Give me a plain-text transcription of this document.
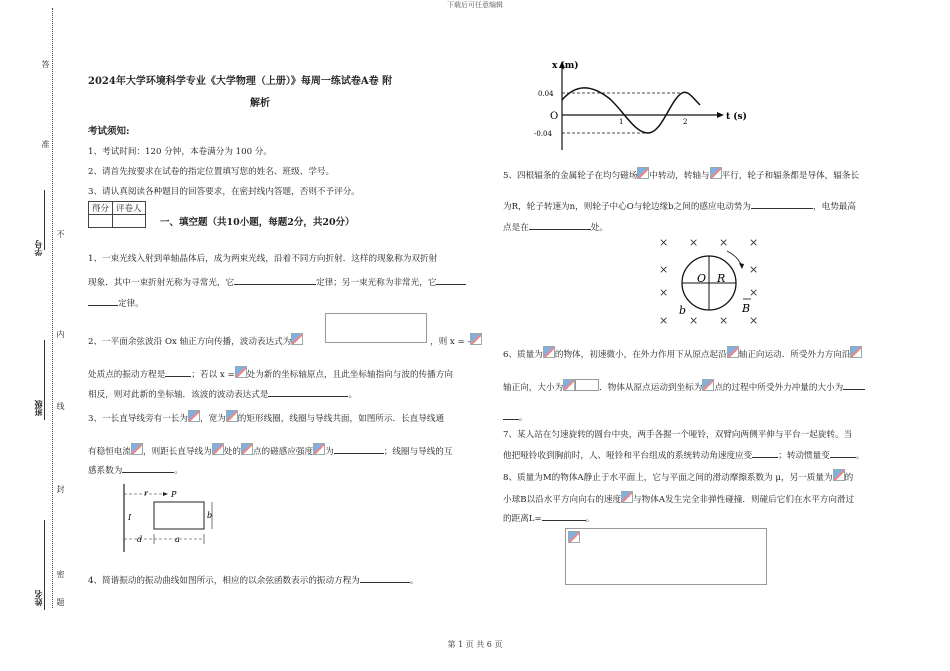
下载后可任意编辑
答
准
不
内
线
封
密
题
学号
班级
姓名
2024年大学环境科学专业《大学物理（上册）》每周一练试卷A卷 附
解析
考试须知:
1、考试时间：120 分钟，本卷满分为 100 分。
2、请首先按要求在试卷的指定位置填写您的姓名、班级、学号。
3、请认真阅读各种题目的回答要求，在密封线内答题，否则不予评分。
得分	评卷人

一、填空题（共10小题，每题2分，共20分）
1、一束光线入射到单轴晶体后，成为两束光线，沿着不同方向折射．这样的现象称为双折射
现象．其中一束折射光称为寻常光，它	定律；另一束光称为非常光，它
定律。
2、一平面余弦波沿 Ox 轴正方向传播，波动表达式为	，则 x = -
处质点的振动方程是	；若以 x = 处为新的坐标轴原点，且此坐标轴指向与波的传播方向
相反，则对此新的坐标轴．该波的波动表达式是	。
3、一长直导线旁有一长为 ，宽为 的矩形线圈，线圈与导线共面，如图所示．长直导线通
有稳恒电流 ，则距长直导线为 处的 点的磁感应强度 为	；线圈与导线的互
感系数为	。
r	P
I	b
d	a
4、简谐振动的振动曲线如图所示，相应的以余弦函数表示的振动方程为	。
x (m)
t (s)
0.04
-0.04
O	1	2
5、四根辐条的金属轮子在均匀磁场 中转动，转轴与 平行，轮子和辐条都是导体，辐条长
为R，轮子转速为n，则轮子中心O与轮边缘b之间的感应电动势为	，电势最高
点是在	处。
× × × ×
×	×
×	×
× × × ×
O R
b	B
6、质量为 的物体，初速微小，在外力作用下从原点起沿 轴正向运动．所受外力方向沿
轴正向，大小为	．物体从原点运动到坐标为 点的过程中所受外力冲量的大小为
。
7、某人站在匀速旋转的圆台中央，两手各握一个哑铃，双臂向两侧平伸与平台一起旋转。当
他把哑铃收到胸前时，人、哑铃和平台组成的系统转动角速度应变	；转动惯量变	。
8、质量为M的物体A静止于水平面上，它与平面之间的滑动摩擦系数为 μ，另一质量为 的
小球B以沿水平方向向右的速度 与物体A发生完全非弹性碰撞．则碰后它们在水平方向滑过
的距离L=	。
第 1 页 共 6 页
